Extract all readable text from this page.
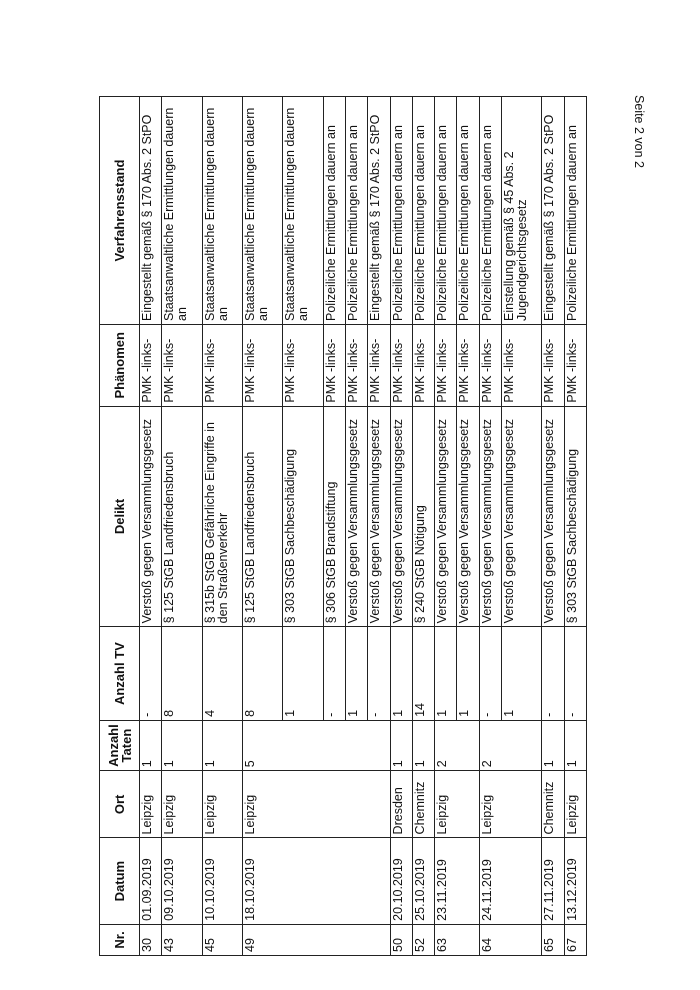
Nr.	Datum	Ort	Anzahl Taten	Anzahl TV	Delikt	Phänomen	Verfahrensstand
30	01.09.2019	Leipzig	1	-	Verstoß gegen Versammlungsgesetz	PMK -links-	Eingestellt gemäß § 170 Abs. 2 StPO
43	09.10.2019	Leipzig	1	8	§ 125 StGB Landfriedensbruch	PMK -links-	Staatsanwaltliche Ermittlungen dauern an
45	10.10.2019	Leipzig	1	4	§ 315b StGB Gefährliche Eingriffe in den Straßenverkehr	PMK -links-	Staatsanwaltliche Ermittlungen dauern an
49	18.10.2019	Leipzig	5	8	§ 125 StGB Landfriedensbruch	PMK -links-	Staatsanwaltliche Ermittlungen dauern an
				1	§ 303 StGB Sachbeschädigung	PMK -links-	Staatsanwaltliche Ermittlungen dauern an
				-	§ 306 StGB Brandstiftung	PMK -links-	Polizeiliche Ermittlungen dauern an
				1	Verstoß gegen Versammlungsgesetz	PMK -links-	Polizeiliche Ermittlungen dauern an
				-	Verstoß gegen Versammlungsgesetz	PMK -links-	Eingestellt gemäß § 170 Abs. 2 StPO
50	20.10.2019	Dresden	1	1	Verstoß gegen Versammlungsgesetz	PMK -links-	Polizeiliche Ermittlungen dauern an
52	25.10.2019	Chemnitz	1	14	§ 240 StGB Nötigung	PMK -links-	Polizeiliche Ermittlungen dauern an
63	23.11.2019	Leipzig	2	1	Verstoß gegen Versammlungsgesetz	PMK -links-	Polizeiliche Ermittlungen dauern an
				1	Verstoß gegen Versammlungsgesetz	PMK -links-	Polizeiliche Ermittlungen dauern an
64	24.11.2019	Leipzig	2	-	Verstoß gegen Versammlungsgesetz	PMK -links-	Polizeiliche Ermittlungen dauern an
				1	Verstoß gegen Versammlungsgesetz	PMK -links-	Einstellung gemäß § 45 Abs. 2 Jugendgerichtsgesetz
65	27.11.2019	Chemnitz	1	-	Verstoß gegen Versammlungsgesetz	PMK -links-	Eingestellt gemäß § 170 Abs. 2 StPO
67	13.12.2019	Leipzig	1	-	§ 303 StGB Sachbeschädigung	PMK -links-	Polizeiliche Ermittlungen dauern an	Seite 2 von 2
